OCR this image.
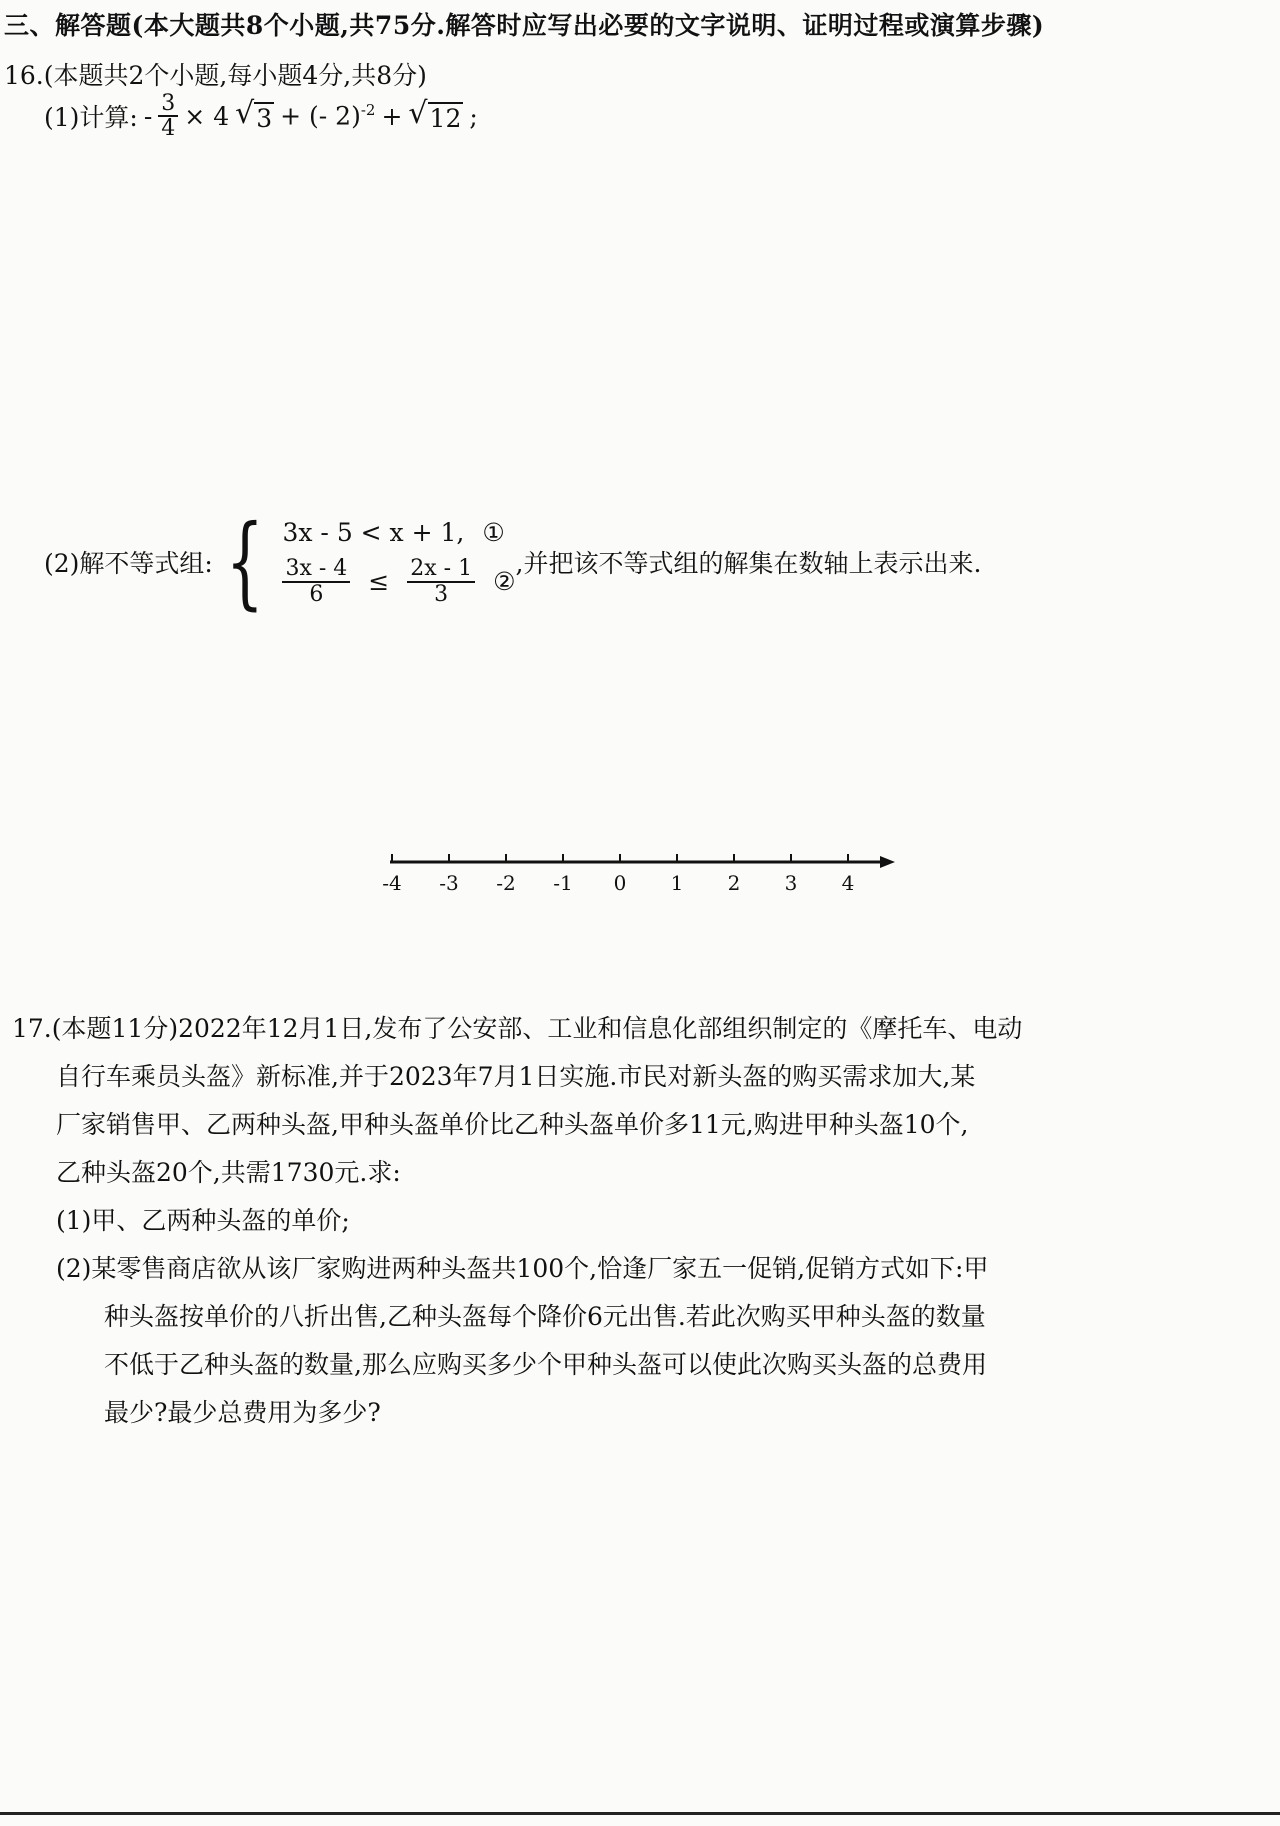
三、解答题(本大题共8个小题,共75分.解答时应写出必要的文字说明、证明过程或演算步骤)
16.(本题共2个小题,每小题4分,共8分)
(1)计算: - $\frac{3}{4} \times 4$ √ 3 + (- 2)$^{-2}$ + √ 12 ;
(2)解不等式组: { 3x - 5 < x + 1, ①
$\frac{3x - 4}{6} \le \frac{2x - 1}{3}$ ②
,并把该不等式组的解集在数轴上表示出来.
-4 -3 -2 -1 0 1 2 3 4

17.(本题11分)2022年12月1日,发布了公安部、工业和信息化部组织制定的《摩托车、电动

自行车乘员头盔》新标准,并于2023年7月1日实施.市民对新头盔的购买需求加大,某

厂家销售甲、乙两种头盔,甲种头盔单价比乙种头盔单价多11元,购进甲种头盔10个,

乙种头盔20个,共需1730元.求:

(1)甲、乙两种头盔的单价;

(2)某零售商店欲从该厂家购进两种头盔共100个,恰逢厂家五一促销,促销方式如下:甲

种头盔按单价的八折出售,乙种头盔每个降价6元出售.若此次购买甲种头盔的数量

不低于乙种头盔的数量,那么应购买多少个甲种头盔可以使此次购买头盔的总费用

最少?最少总费用为多少?
